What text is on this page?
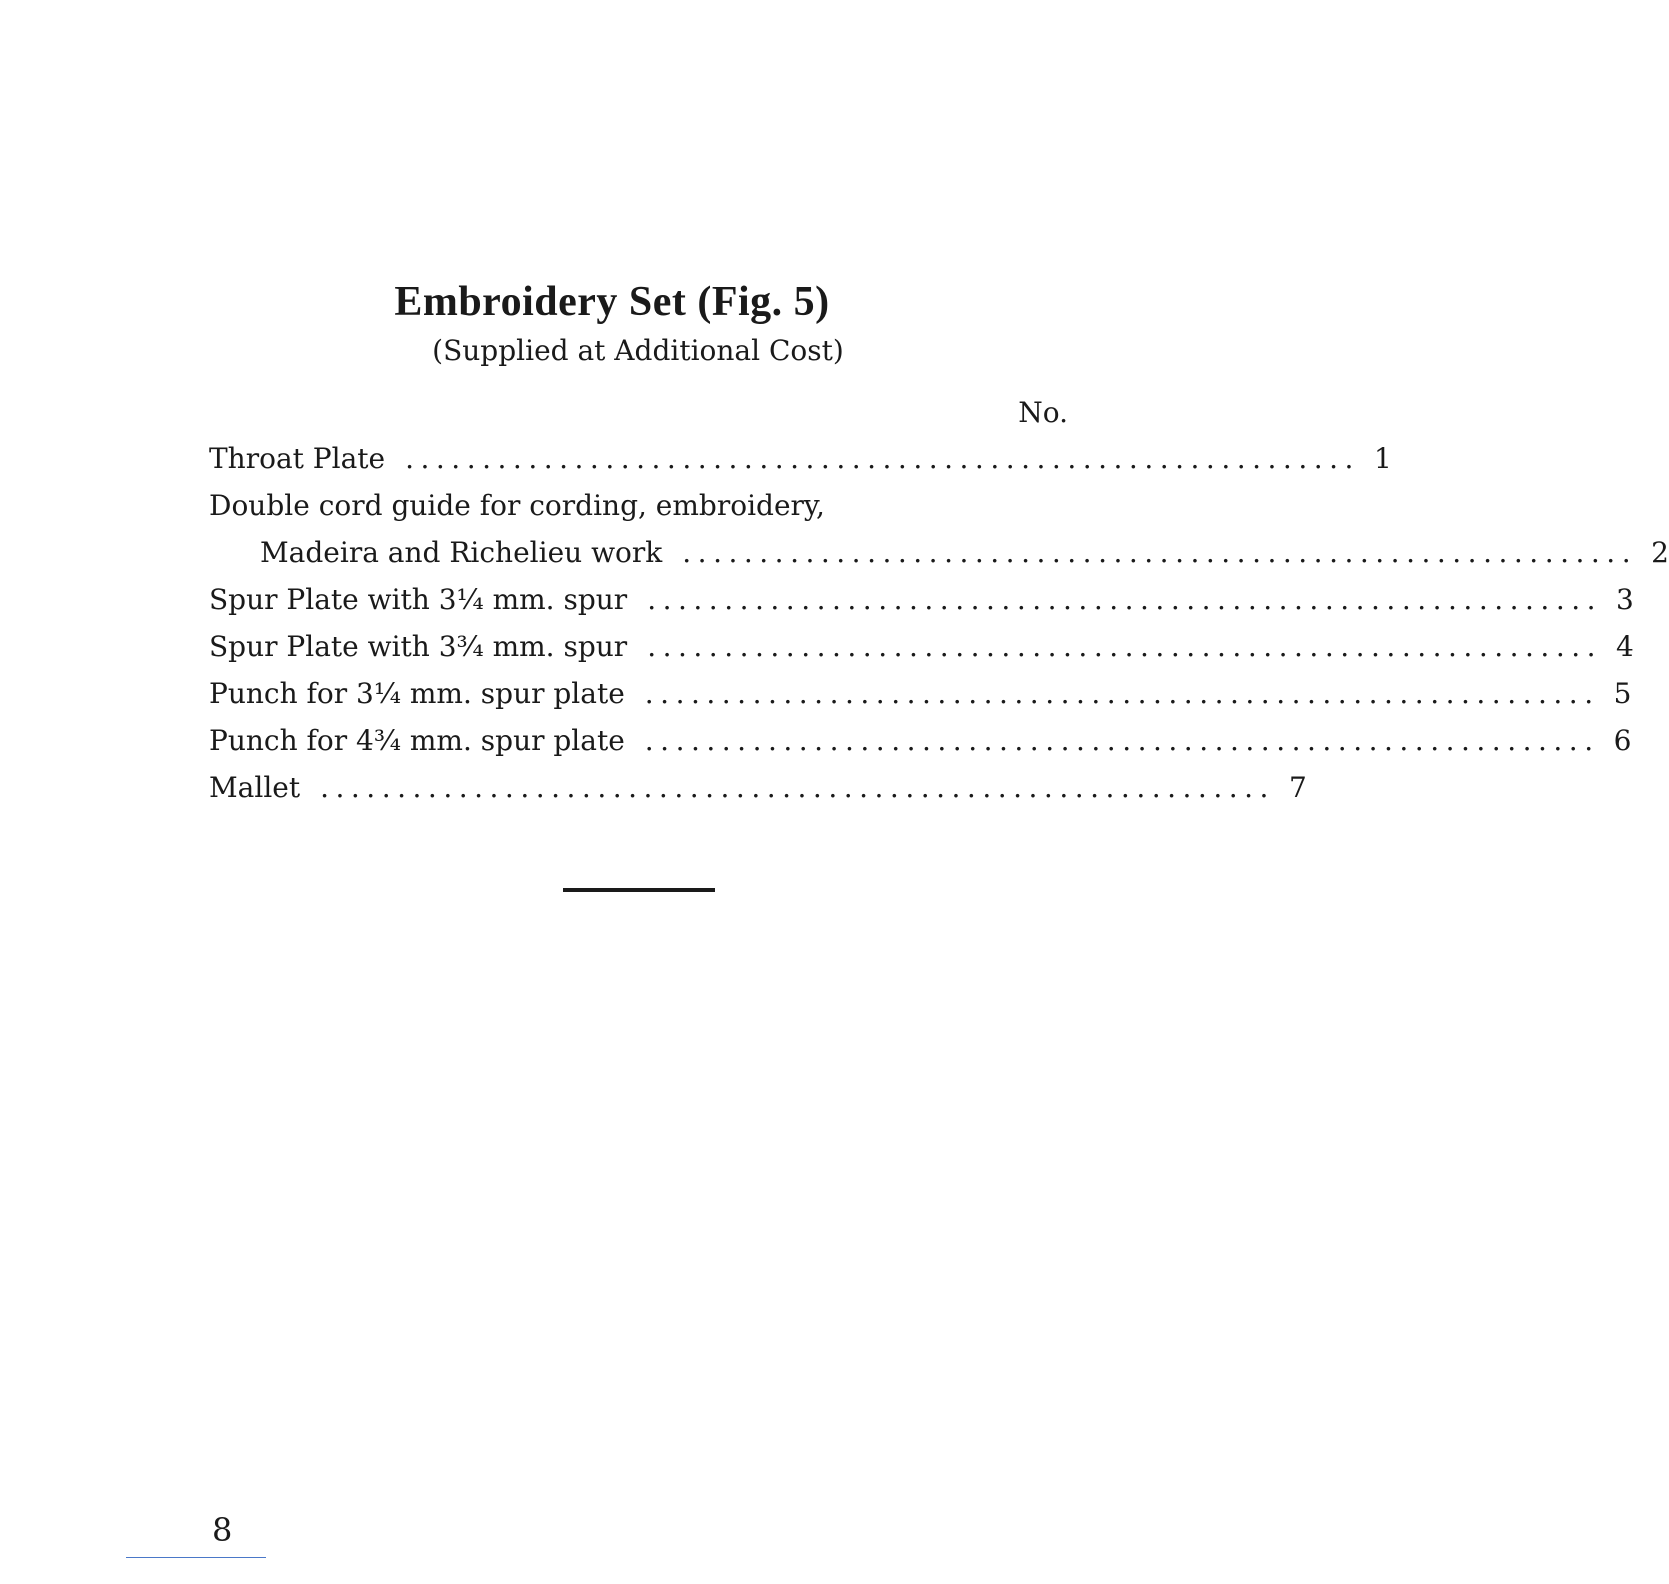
Embroidery Set (Fig. 5)

(Supplied at Additional Cost)

No.
Throat Plate .............................................................. 1
Double cord guide for cording, embroidery,
Madeira and Richelieu work .............................................................. 2
Spur Plate with 3¹⁄₄ mm. spur .............................................................. 3
Spur Plate with 3³⁄₄ mm. spur .............................................................. 4
Punch for 3¹⁄₄ mm. spur plate .............................................................. 5
Punch for 4³⁄₄ mm. spur plate .............................................................. 6
Mallet .............................................................. 7
8
